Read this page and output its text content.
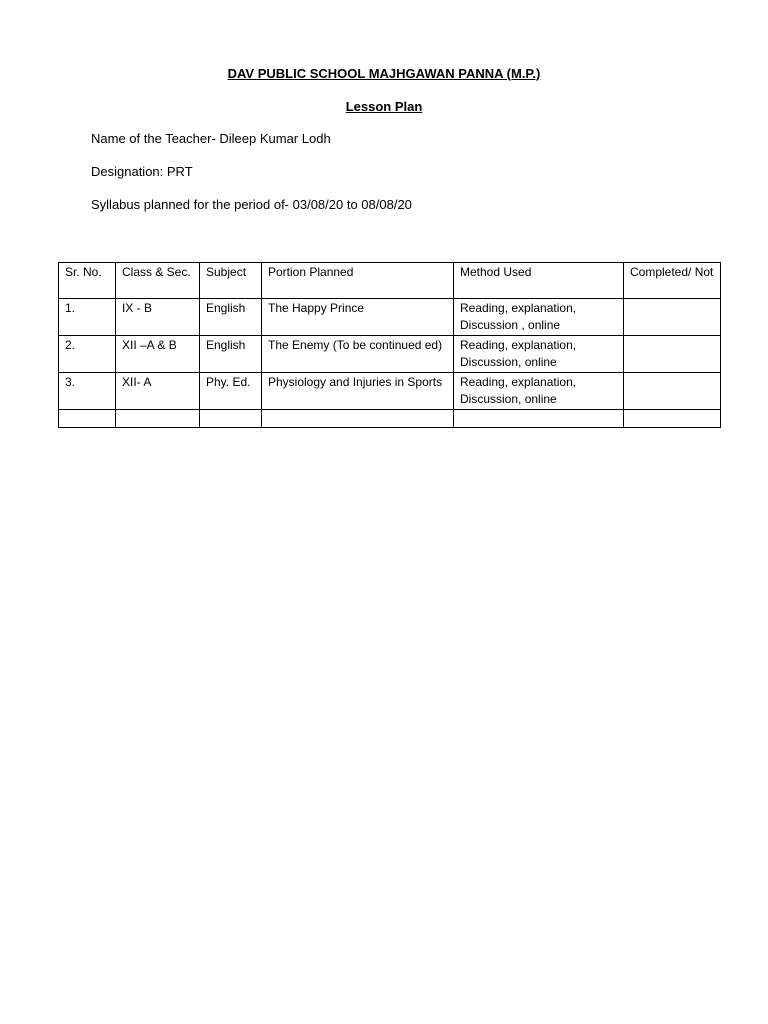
DAV PUBLIC SCHOOL MAJHGAWAN PANNA (M.P.)
Lesson Plan
Name of the Teacher- Dileep Kumar Lodh
Designation: PRT
Syllabus planned for the period of- 03/08/20 to 08/08/20
Sr. No.	Class & Sec.	Subject	Portion Planned	Method Used	Completed/ Not
1.	IX - B	English	The Happy Prince	Reading, explanation, Discussion , online	
2.	XII –A & B	English	The Enemy (To be continued ed)	Reading, explanation, Discussion, online	
3.	XII- A	Phy. Ed.	Physiology and Injuries in Sports	Reading, explanation, Discussion, online	
